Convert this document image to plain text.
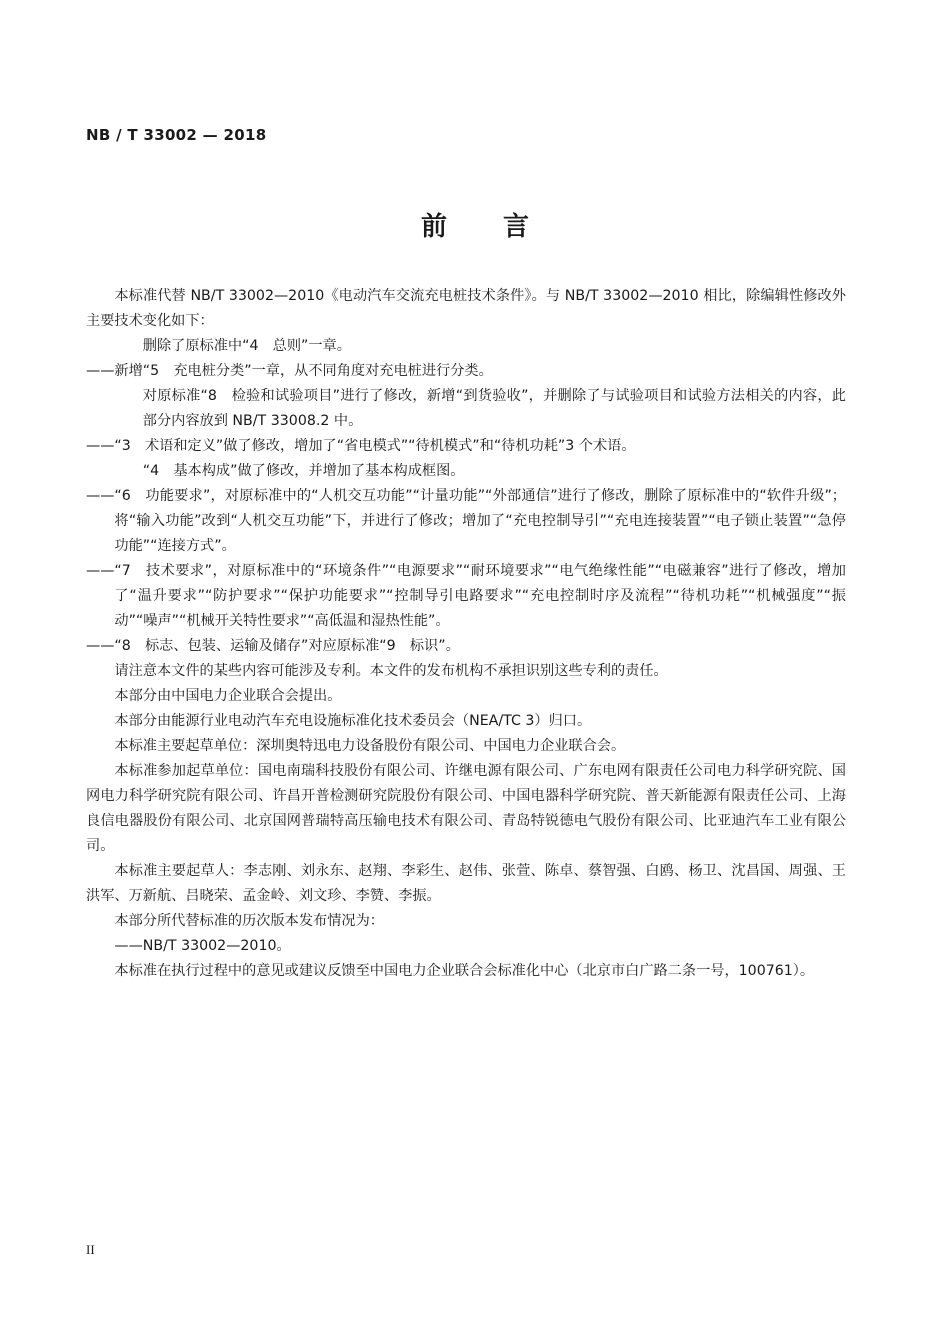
NB / T 33002 — 2018
前言

本标准代替 NB/T 33002—2010《电动汽车交流充电桩技术条件》。与 NB/T 33002—2010 相比，除编辑性修改外主要技术变化如下：

删除了原标准中“4　总则”一章。

——新增“5　充电桩分类”一章，从不同角度对充电桩进行分类。

对原标准“8　检验和试验项目”进行了修改，新增“到货验收”，并删除了与试验项目和试验方法相关的内容，此部分内容放到 NB/T 33008.2 中。

——“3　术语和定义”做了修改，增加了“省电模式”“待机模式”和“待机功耗”3 个术语。

“4　基本构成”做了修改，并增加了基本构成框图。

——“6　功能要求”，对原标准中的“人机交互功能”“计量功能”“外部通信”进行了修改，删除了原标准中的“软件升级”；将“输入功能”改到“人机交互功能”下，并进行了修改；增加了“充电控制导引”“充电连接装置”“电子锁止装置”“急停功能”“连接方式”。

——“7　技术要求”，对原标准中的“环境条件”“电源要求”“耐环境要求”“电气绝缘性能”“电磁兼容”进行了修改，增加了“温升要求”“防护要求”“保护功能要求”“控制导引电路要求”“充电控制时序及流程”“待机功耗”“机械强度”“振动”“噪声”“机械开关特性要求”“高低温和湿热性能”。

——“8　标志、包装、运输及储存”对应原标准“9　标识”。

请注意本文件的某些内容可能涉及专利。本文件的发布机构不承担识别这些专利的责任。

本部分由中国电力企业联合会提出。

本部分由能源行业电动汽车充电设施标准化技术委员会（NEA/TC 3）归口。

本标准主要起草单位：深圳奥特迅电力设备股份有限公司、中国电力企业联合会。

本标准参加起草单位：国电南瑞科技股份有限公司、许继电源有限公司、广东电网有限责任公司电力科学研究院、国网电力科学研究院有限公司、许昌开普检测研究院股份有限公司、中国电器科学研究院、普天新能源有限责任公司、上海良信电器股份有限公司、北京国网普瑞特高压输电技术有限公司、青岛特锐德电气股份有限公司、比亚迪汽车工业有限公司。

本标准主要起草人：李志刚、刘永东、赵翔、李彩生、赵伟、张萱、陈卓、蔡智强、白鸥、杨卫、沈昌国、周强、王洪军、万新航、吕晓荣、孟金岭、刘文珍、李赞、李振。

本部分所代替标准的历次版本发布情况为：

——NB/T 33002—2010。

本标准在执行过程中的意见或建议反馈至中国电力企业联合会标准化中心（北京市白广路二条一号，100761）。

II
